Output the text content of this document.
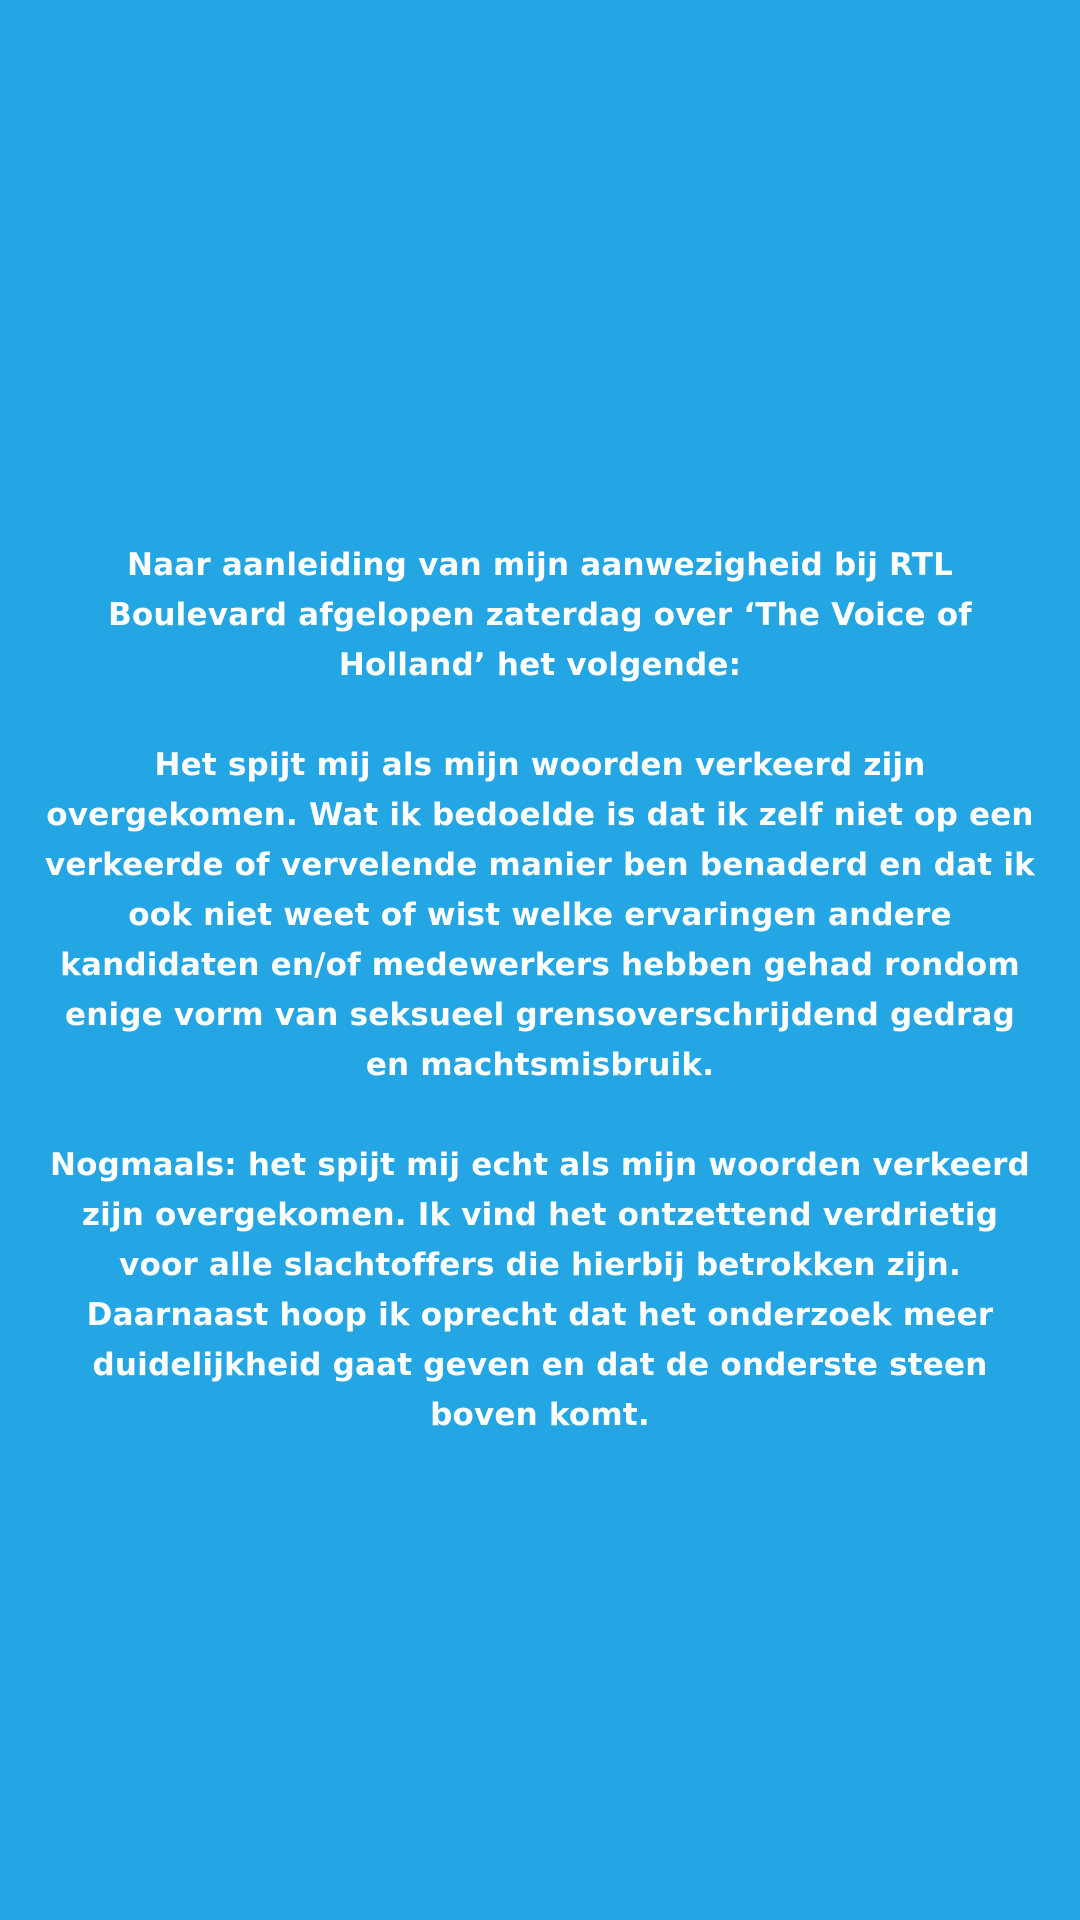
Naar aanleiding van mijn aanwezigheid bij RTL
Boulevard afgelopen zaterdag over ‘The Voice of
Holland’ het volgende:

Het spijt mij als mijn woorden verkeerd zijn
overgekomen. Wat ik bedoelde is dat ik zelf niet op een
verkeerde of vervelende manier ben benaderd en dat ik
ook niet weet of wist welke ervaringen andere
kandidaten en/of medewerkers hebben gehad rondom
enige vorm van seksueel grensoverschrijdend gedrag
en machtsmisbruik.

Nogmaals: het spijt mij echt als mijn woorden verkeerd
zijn overgekomen. Ik vind het ontzettend verdrietig
voor alle slachtoffers die hierbij betrokken zijn.
Daarnaast hoop ik oprecht dat het onderzoek meer
duidelijkheid gaat geven en dat de onderste steen
boven komt.
